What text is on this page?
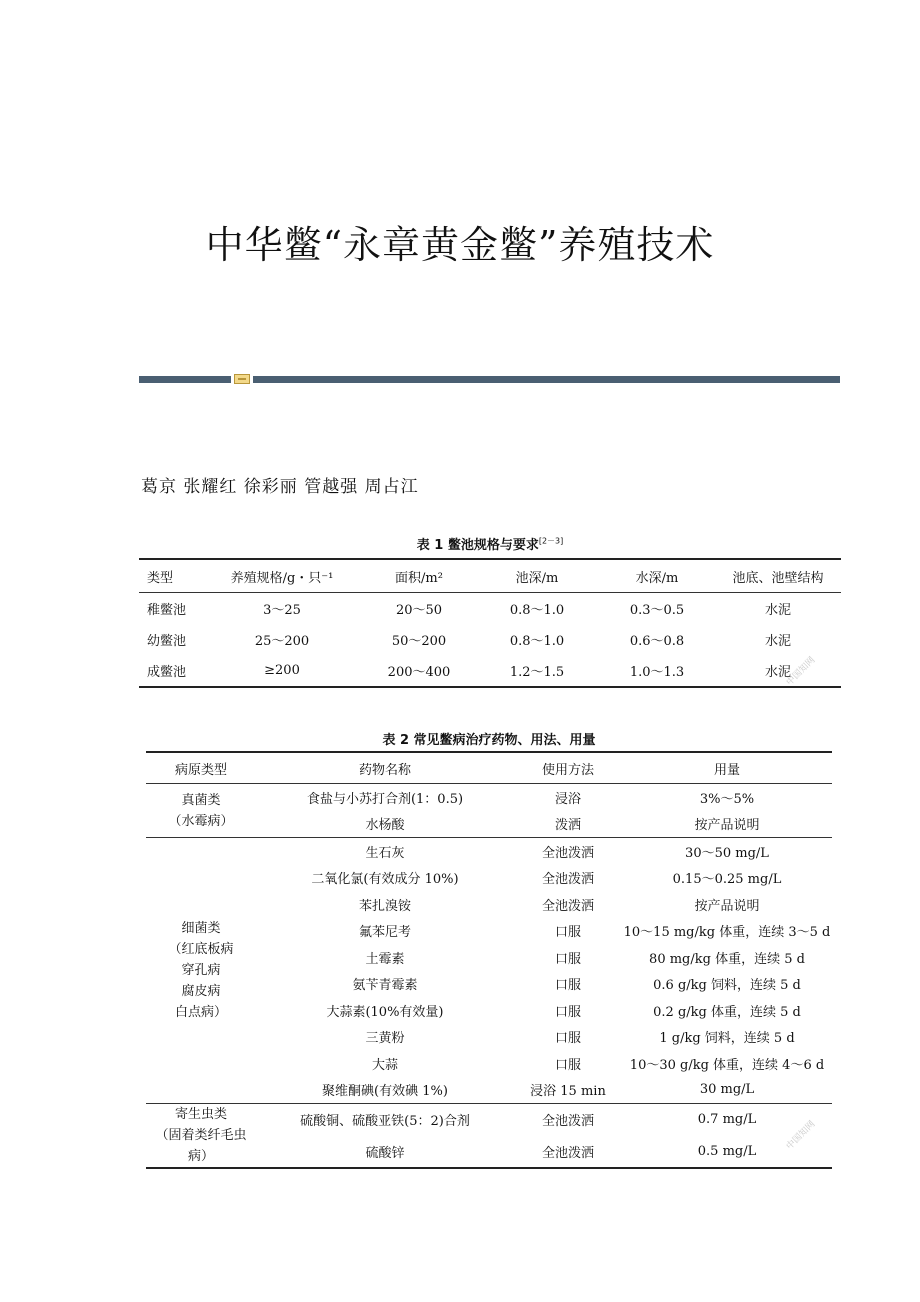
中华鳖“永章黄金鳖”养殖技术
葛京 张耀红 徐彩丽 管越强 周占江
表 1 鳖池规格与要求[2－3]
类型	养殖规格/g・只⁻¹	面积/m²	池深/m	水深/m	池底、池壁结构
稚鳖池	3～25	20～50	0.8～1.0	0.3～0.5	水泥
幼鳖池	25～200	50～200	0.8～1.0	0.6～0.8	水泥
成鳖池	≥200	200～400	1.2～1.5	1.0～1.3	水泥
中国知网
表 2 常见鳖病治疗药物、用法、用量
病原类型	药物名称	使用方法	用量

真菌类
（水霉病）	食盐与小苏打合剂(1：0.5)	浸浴	3%～5%
	水杨酸	泼洒	按产品说明

细菌类
（红底板病
穿孔病
腐皮病
白点病）	生石灰	全池泼洒	30～50 mg/L
	二氧化氯(有效成分 10%)	全池泼洒	0.15～0.25 mg/L
	苯扎溴铵	全池泼洒	按产品说明
	氟苯尼考	口服	10～15 mg/kg 体重，连续 3～5 d
	土霉素	口服	80 mg/kg 体重，连续 5 d
	氨苄青霉素	口服	0.6 g/kg 饲料，连续 5 d
	大蒜素(10%有效量)	口服	0.2 g/kg 体重，连续 5 d
	三黄粉	口服	1 g/kg 饲料，连续 5 d
	大蒜	口服	10～30 g/kg 体重，连续 4～6 d
	聚维酮碘(有效碘 1%)	浸浴 15 min	30 mg/L

寄生虫类
（固着类纤毛虫病）	硫酸铜、硫酸亚铁(5：2)合剂	全池泼洒	0.7 mg/L
	硫酸锌	全池泼洒	0.5 mg/L	中国知网
